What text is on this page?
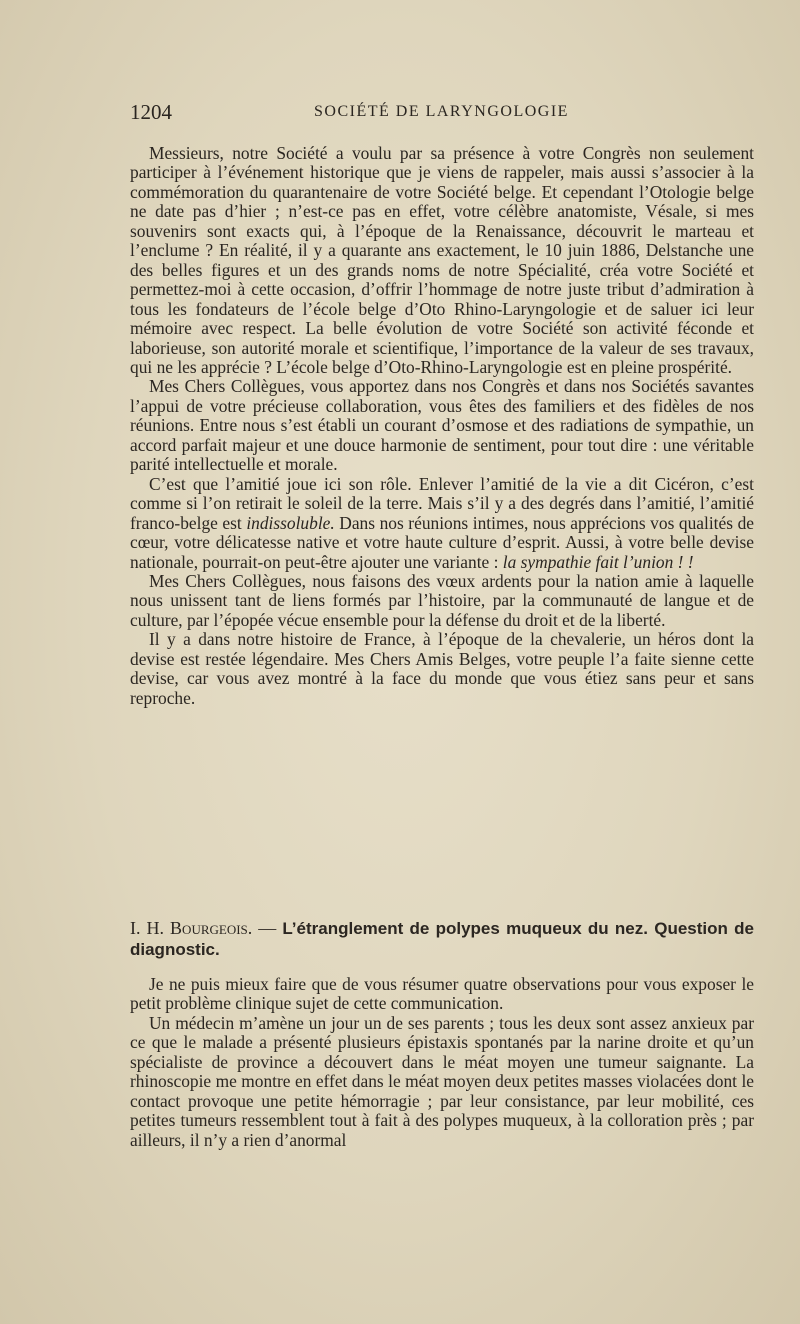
1204	SOCIÉTÉ DE LARYNGOLOGIE

Messieurs, notre Société a voulu par sa présence à votre Congrès non seulement participer à l’événement historique que je viens de rappeler, mais aussi s’associer à la commémoration du quarantenaire de votre Société belge. Et cependant l’Otologie belge ne date pas d’hier ; n’est-ce pas en effet, votre célèbre anatomiste, Vésale, si mes souvenirs sont exacts qui, à l’époque de la Renaissance, découvrit le marteau et l’enclume ? En réalité, il y a quarante ans exactement, le 10 juin 1886, Delstanche une des belles figures et un des grands noms de notre Spécialité, créa votre Société et permettez-moi à cette occasion, d’offrir l’hommage de notre juste tribut d’admiration à tous les fondateurs de l’école belge d’Oto Rhino-Laryngologie et de saluer ici leur mémoire avec respect. La belle évolution de votre Société son activité féconde et laborieuse, son autorité morale et scientifique, l’importance de la valeur de ses travaux, qui ne les apprécie ? L’école belge d’Oto-Rhino-Laryngologie est en pleine prospérité.

Mes Chers Collègues, vous apportez dans nos Congrès et dans nos Sociétés savantes l’appui de votre précieuse collaboration, vous êtes des familiers et des fidèles de nos réunions. Entre nous s’est établi un courant d’osmose et des radiations de sympathie, un accord parfait majeur et une douce harmonie de sentiment, pour tout dire : une véritable parité intellectuelle et morale.

C’est que l’amitié joue ici son rôle. Enlever l’amitié de la vie a dit Cicéron, c’est comme si l’on retirait le soleil de la terre. Mais s’il y a des degrés dans l’amitié, l’amitié franco-belge est indissoluble. Dans nos réunions intimes, nous apprécions vos qualités de cœur, votre délicatesse native et votre haute culture d’esprit. Aussi, à votre belle devise nationale, pourrait-on peut-être ajouter une variante : la sympathie fait l’union ! !

Mes Chers Collègues, nous faisons des vœux ardents pour la nation amie à laquelle nous unissent tant de liens formés par l’histoire, par la communauté de langue et de culture, par l’épopée vécue ensemble pour la défense du droit et de la liberté.

Il y a dans notre histoire de France, à l’époque de la chevalerie, un héros dont la devise est restée légendaire. Mes Chers Amis Belges, votre peuple l’a faite sienne cette devise, car vous avez montré à la face du monde que vous étiez sans peur et sans reproche.

I. H. Bourgeois. — L’étranglement de polypes muqueux du nez. Question de diagnostic.

Je ne puis mieux faire que de vous résumer quatre observations pour vous exposer le petit problème clinique sujet de cette communication.

Un médecin m’amène un jour un de ses parents ; tous les deux sont assez anxieux par ce que le malade a présenté plusieurs épistaxis spontanés par la narine droite et qu’un spécialiste de province a découvert dans le méat moyen une tumeur saignante. La rhinoscopie me montre en effet dans le méat moyen deux petites masses violacées dont le contact provoque une petite hémorragie ; par leur consistance, par leur mobilité, ces petites tumeurs ressemblent tout à fait à des polypes muqueux, à la colloration près ; par ailleurs, il n’y a rien d’anormal
